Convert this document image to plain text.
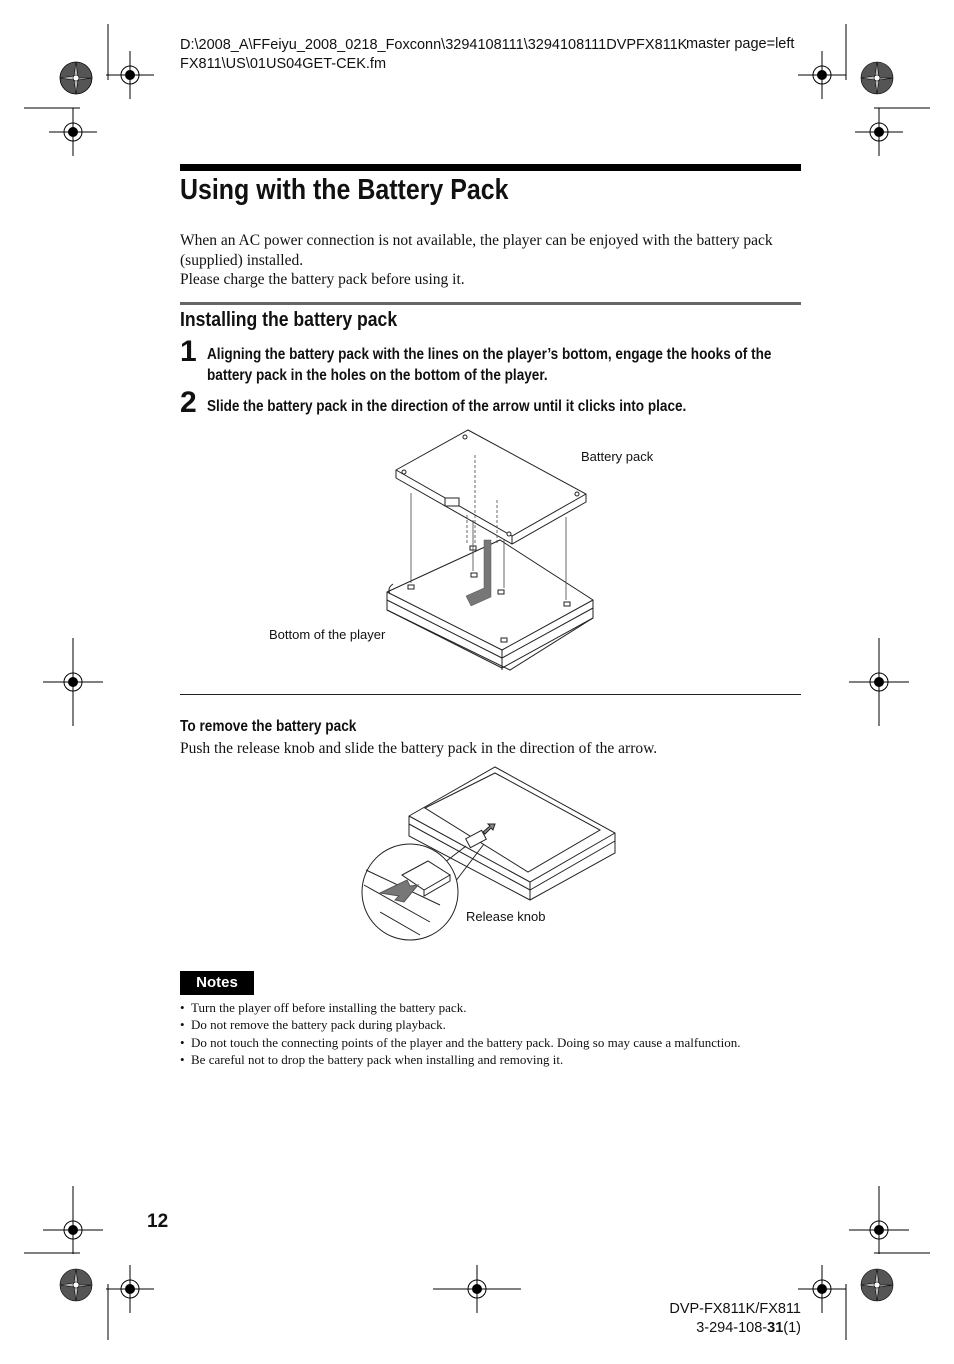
D:\2008_A\FFeiyu_2008_0218_Foxconn\3294108111\3294108111DVPFX811K
FX811\US\01US04GET-CEK.fm
master page=left
Using with the Battery Pack
When an AC power connection is not available, the player can be enjoyed with the battery pack
(supplied) installed.
Please charge the battery pack before using it.
Installing the battery pack
1 Aligning the battery pack with the lines on the player’s bottom, engage the hooks of the battery pack in the holes on the bottom of the player.
2 Slide the battery pack in the direction of the arrow until it clicks into place.
Battery pack
Bottom of the player
To remove the battery pack
Push the release knob and slide the battery pack in the direction of the arrow.
Release knob
Notes
• Turn the player off before installing the battery pack.
• Do not remove the battery pack during playback.
• Do not touch the connecting points of the player and the battery pack. Doing so may cause a malfunction.
• Be careful not to drop the battery pack when installing and removing it.
12
DVP-FX811K/FX811
3-294-108-31(1)
